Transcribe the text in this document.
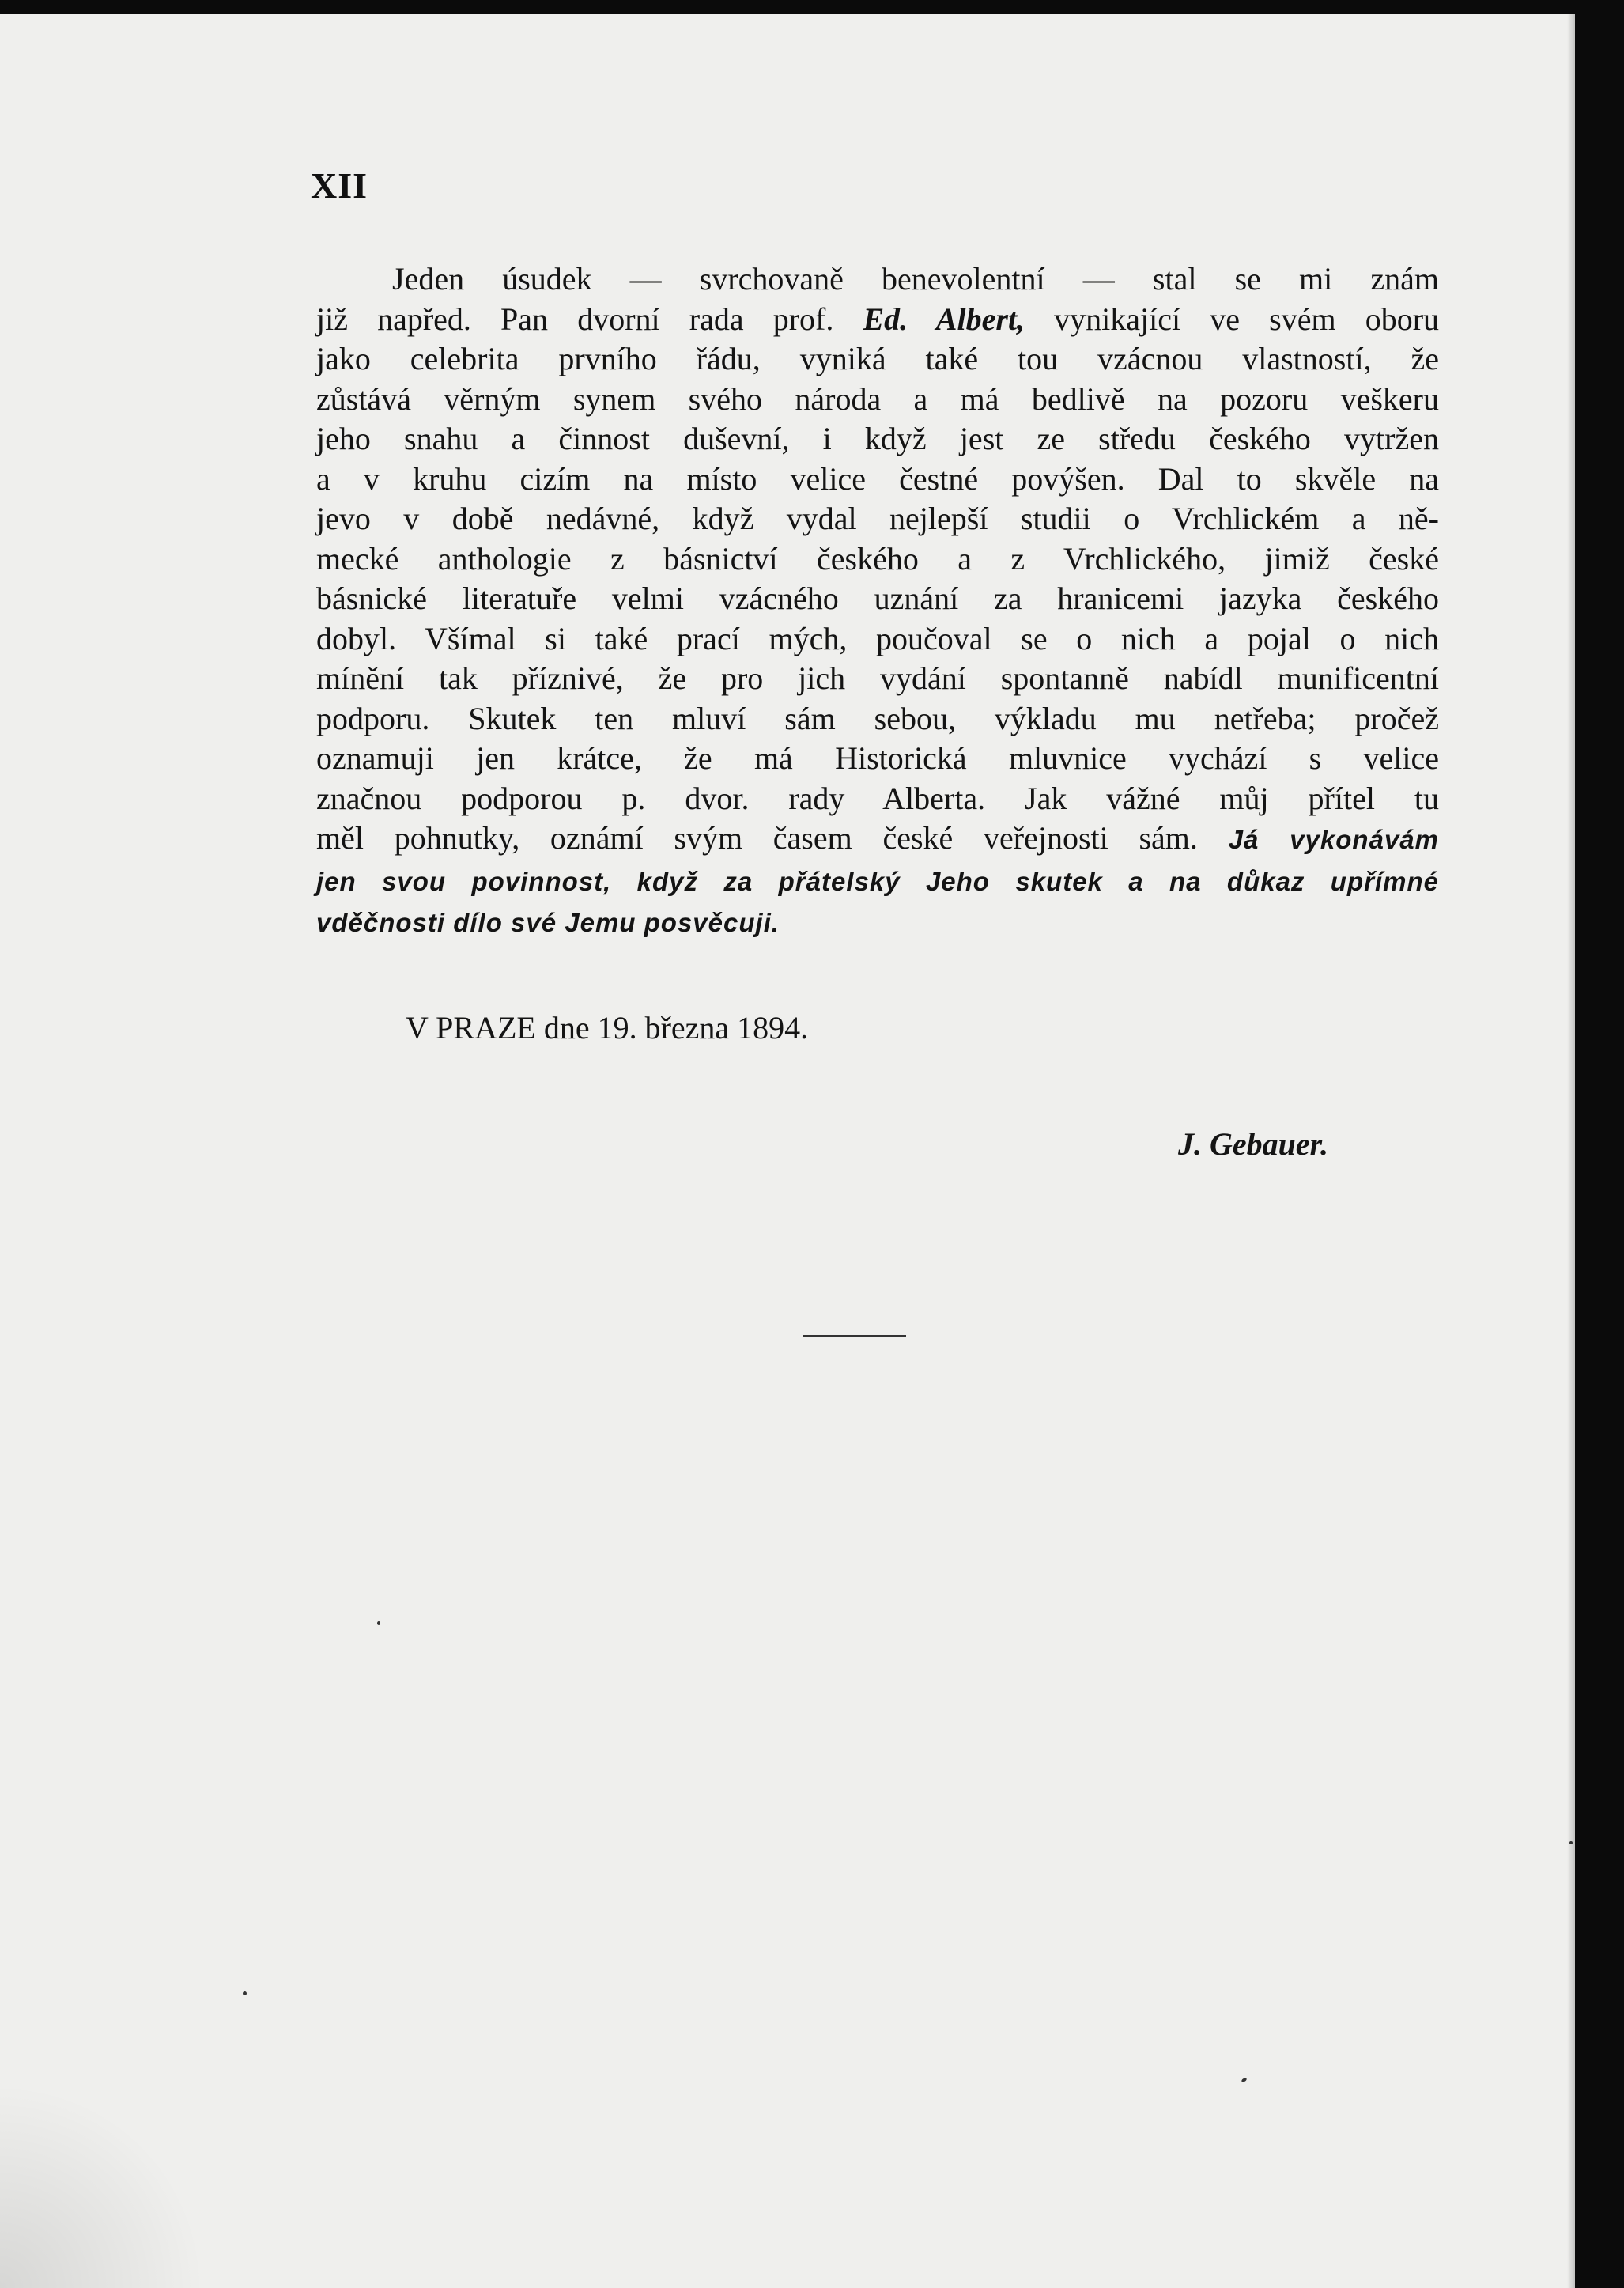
XII

Jeden úsudek — svrchovaně benevolentní — stal se mi znám
již napřed. Pan dvorní rada prof. Ed. Albert, vynikající ve svém oboru
jako celebrita prvního řádu, vyniká také tou vzácnou vlastností, že
zůstává věrným synem svého národa a má bedlivě na pozoru veškeru
jeho snahu a činnost duševní, i když jest ze středu českého vytržen
a v kruhu cizím na místo velice čestné povýšen. Dal to skvěle na
jevo v době nedávné, když vydal nejlepší studii o Vrchlickém a ně-
mecké anthologie z básnictví českého a z Vrchlického, jimiž české
básnické literatuře velmi vzácného uznání za hranicemi jazyka českého
dobyl. Všímal si také prací mých, poučoval se o nich a pojal o nich
mínění tak příznivé, že pro jich vydání spontanně nabídl munificentní
podporu. Skutek ten mluví sám sebou, výkladu mu netřeba; pročež
oznamuji jen krátce, že má Historická mluvnice vychází s velice
značnou podporou p. dvor. rady Alberta. Jak vážné můj přítel tu
měl pohnutky, oznámí svým časem české veřejnosti sám. Já vykonávám
jen svou povinnost, když za přátelský Jeho skutek a na důkaz upřímné
vděčnosti dílo své Jemu posvěcuji.

V PRAZE dne 19. března 1894.

J. Gebauer.
